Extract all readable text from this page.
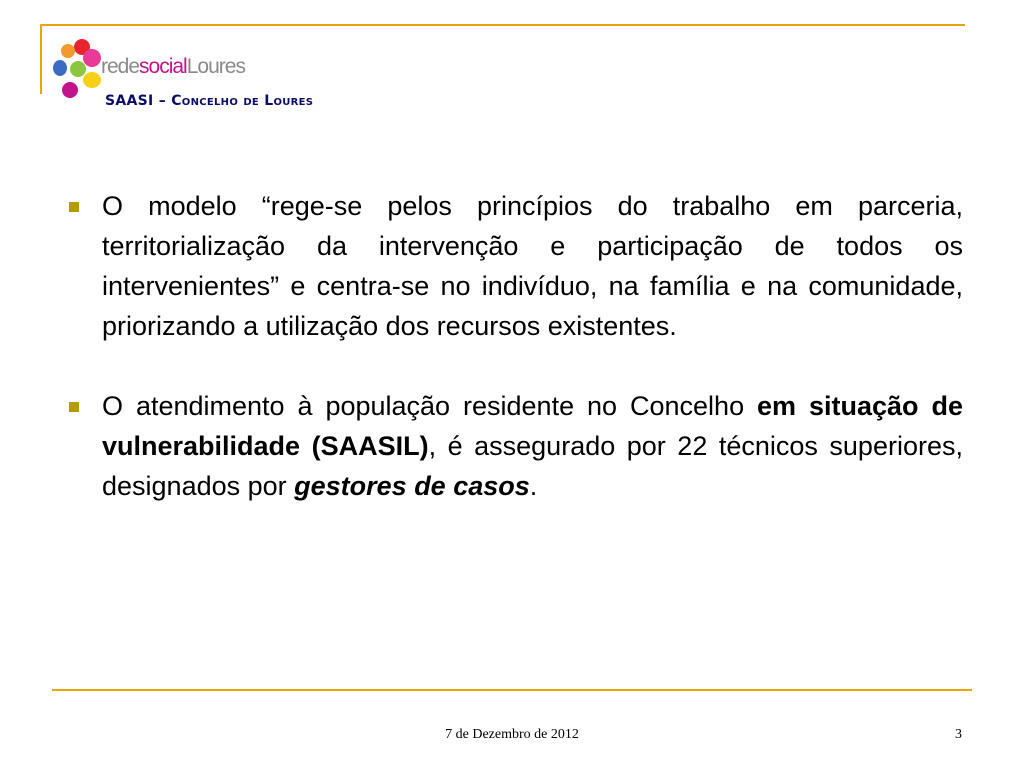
redesocialLoures
SAASI – Concelho de Loures
O modelo “rege-se pelos princípios do trabalho em parceria, territorialização da intervenção e participação de todos os intervenientes” e centra-se no indivíduo, na família e na comunidade, priorizando a utilização dos recursos existentes.
O atendimento à população residente no Concelho em situação de vulnerabilidade (SAASIL), é assegurado por 22 técnicos superiores, designados por gestores de casos.
7 de Dezembro de 2012	3
